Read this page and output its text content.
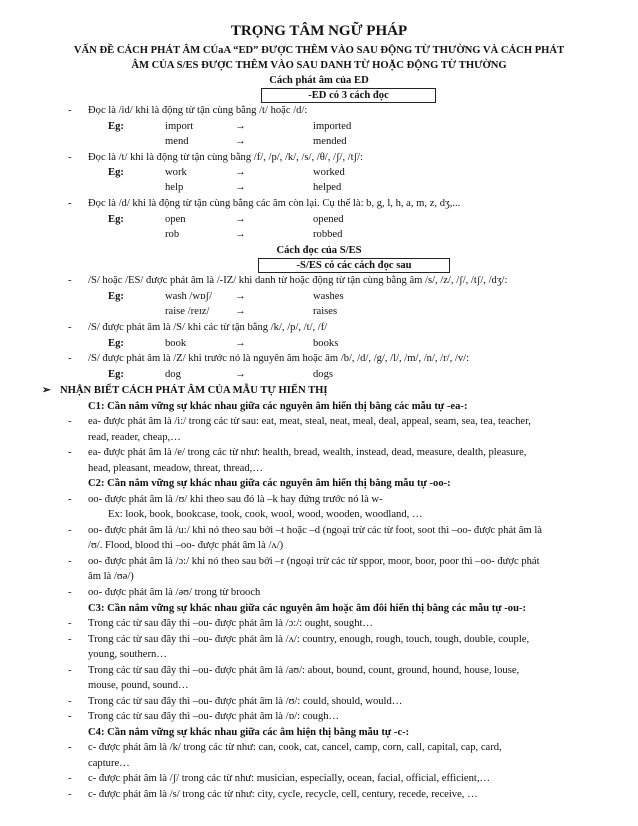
TRỌNG TÂM NGỮ PHÁP
VẤN ĐỀ CÁCH PHÁT ÂM CỦaA “ED” ĐƯỢC THÊM VÀO SAU ĐỘNG TỪ THƯỜNG VÀ CÁCH PHÁT
ÂM CỦA S/ES ĐƯỢC THÊM VÀO SAU DANH TỪ HOẶC ĐỘNG TỪ THƯỜNG
Cách phát âm của ED
-ED có 3 cách đọc
- Đọc là /id/ khi là động từ tận cùng bằng /t/ hoặc /d/:
Eg:	import	→	imported
mend	→	mended
- Đọc là /t/ khi là động từ tận cùng bằng /f/, /p/, /k/, /s/, /θ/, /ʃ/, /tʃ/:
Eg:	work	→	worked
help	→	helped
- Đọc là /d/ khi là động từ tận cùng bằng các âm còn lại. Cụ thể là: b, g, l, h, a, m, z, dʒ,...
Eg:	open	→	opened
rob	→	robbed
Cách đọc của S/ES
-S/ES có các cách đọc sau
- /S/ hoặc /ES/ được phát âm là /-IZ/ khi danh từ hoặc động từ tận cùng bằng âm /s/, /z/, /ʃ/, /tʃ/, /dʒ/:
Eg:	wash /wɒʃ/ →	washes
raise /reɪz/ →	raises
- /S/ được phát âm là /S/ khi các từ tận bằng /k/, /p/, /t/, /f/
Eg:	book	→	books
- /S/ được phát âm là /Z/ khi trước nó là nguyên âm hoặc âm /b/, /d/, /g/, /l/, /m/, /n/, /r/, /v/:
Eg:	dog	→	dogs
➢ NHẬN BIẾT CÁCH PHÁT ÂM CỦA MẪU TỰ HIỂN THỊ
C1: Cần nắm vững sự khác nhau giữa các nguyên âm hiển thị bằng các mẫu tự -ea-:
- ea- được phát âm là /i:/ trong các từ sau: eat, meat, steal, neat, meal, deal, appeal, seam, sea, tea, teacher,
read, reader, cheap,…
- ea- được phát âm là /e/ trong các từ như: health, bread, wealth, instead, dead, measure, dealth, pleasure,
head, pleasant, meadow, threat, thread,…
C2: Cần nắm vững sự khác nhau giữa các nguyên âm hiển thị bằng mẫu tự -oo-:
- oo- được phát âm là /ʊ/ khi theo sau đó là –k hay đứng trước nó là w-
Ex: look, book, bookcase, took, cook, wool, wood, wooden, woodland, …
- oo- được phát âm là /u:/ khi nó theo sau bởi –t hoặc –d (ngoại trừ các từ foot, soot thì –oo- được phát âm là
/ʊ/. Flood, blood thì –oo- được phát âm là /ʌ/)
- oo- được phát âm là /ɔ:/ khi nó theo sau bởi –r (ngoại trừ các từ sppor, moor, boor, poor thì –oo- được phát
âm là /ʊə/)
- oo- được phát âm là /əʊ/ trong từ brooch
C3: Cần nắm vững sự khác nhau giữa các nguyên âm hoặc âm đôi hiển thị bằng các mẫu tự -ou-:
- Trong các từ sau đây thì –ou- được phát âm là /ɔ:/: ought, sought…
- Trong các từ sau đây thì –ou- được phát âm là /ʌ/: country, enough, rough, touch, tough, double, couple,
young, southern…
- Trong các từ sau đây thì –ou- được phát âm là /aʊ/: about, bound, count, ground, hound, house, louse,
mouse, pound, sound…
- Trong các từ sau đây thì –ou- được phát âm là /ʊ/: could, should, would…
- Trong các từ sau đây thì –ou- được phát âm là /ɒ/: cough…
C4: Cần nắm vững sự khác nhau giữa các âm hiện thị bằng mẫu tự -c-:
- c- được phát âm là /k/ trong các từ như: can, cook, cat, cancel, camp, corn, call, capital, cap, card,
capture…
- c- được phát âm là /ʃ/ trong các từ như: musician, especially, ocean, facial, official, efficient,…
- c- được phát âm là /s/ trong các từ như: city, cycle, recycle, cell, century, recede, receive, …
